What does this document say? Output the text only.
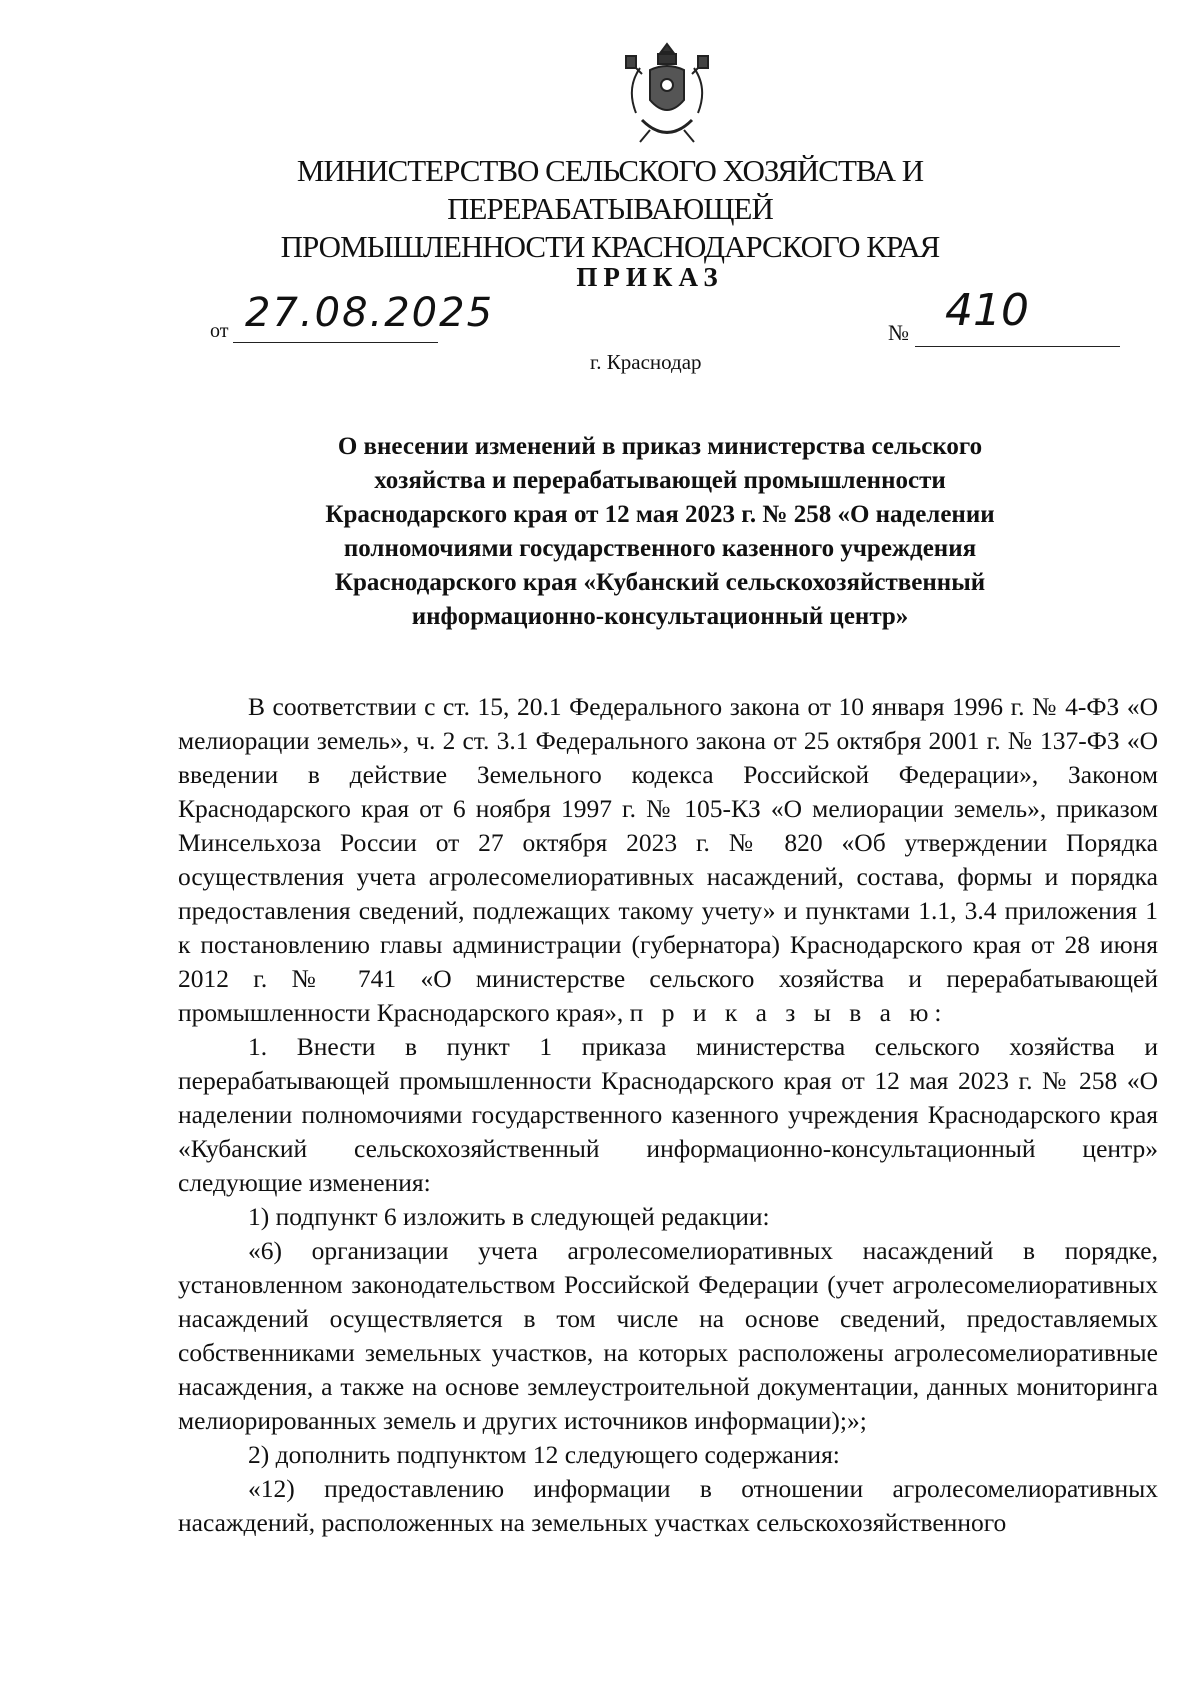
МИНИСТЕРСТВО СЕЛЬСКОГО ХОЗЯЙСТВА И ПЕРЕРАБАТЫВАЮЩЕЙ
ПРОМЫШЛЕННОСТИ КРАСНОДАРСКОГО КРАЯ
ПРИКАЗ
от 27.08.2025	№ 410
г. Краснодар
О внесении изменений в приказ министерства сельского
хозяйства и перерабатывающей промышленности
Краснодарского края от 12 мая 2023 г. № 258 «О наделении
полномочиями государственного казенного учреждения
Краснодарского края «Кубанский сельскохозяйственный
информационно-консультационный центр»

В соответствии с ст. 15, 20.1 Федерального закона от 10 января 1996 г. № 4-ФЗ «О мелиорации земель», ч. 2 ст. 3.1 Федерального закона от 25 октября 2001 г. № 137-ФЗ «О введении в действие Земельного кодекса Российской Федерации», Законом Краснодарского края от 6 ноября 1997 г. № 105-КЗ «О мелиорации земель», приказом Минсельхоза России от 27 октября 2023 г. № 820 «Об утверждении Порядка осуществления учета агролесомелиоративных насаждений, состава, формы и порядка предоставления сведений, подлежащих такому учету» и пунктами 1.1, 3.4 приложения 1 к постановлению главы администрации (губернатора) Краснодарского края от 28 июня 2012 г. № 741 «О министерстве сельского хозяйства и перерабатывающей промышленности Краснодарского края», п р и к а з ы в а ю:

1. Внести в пункт 1 приказа министерства сельского хозяйства и перерабатывающей промышленности Краснодарского края от 12 мая 2023 г. № 258 «О наделении полномочиями государственного казенного учреждения Краснодарского края «Кубанский сельскохозяйственный информационно-консультационный центр» следующие изменения:

1) подпункт 6 изложить в следующей редакции:

«6) организации учета агролесомелиоративных насаждений в порядке, установленном законодательством Российской Федерации (учет агролесомелиоративных насаждений осуществляется в том числе на основе сведений, предоставляемых собственниками земельных участков, на которых расположены агролесомелиоративные насаждения, а также на основе землеустроительной документации, данных мониторинга мелиорированных земель и других источников информации);»;

2) дополнить подпунктом 12 следующего содержания:

«12) предоставлению информации в отношении агролесомелиоративных насаждений, расположенных на земельных участках сельскохозяйственного
